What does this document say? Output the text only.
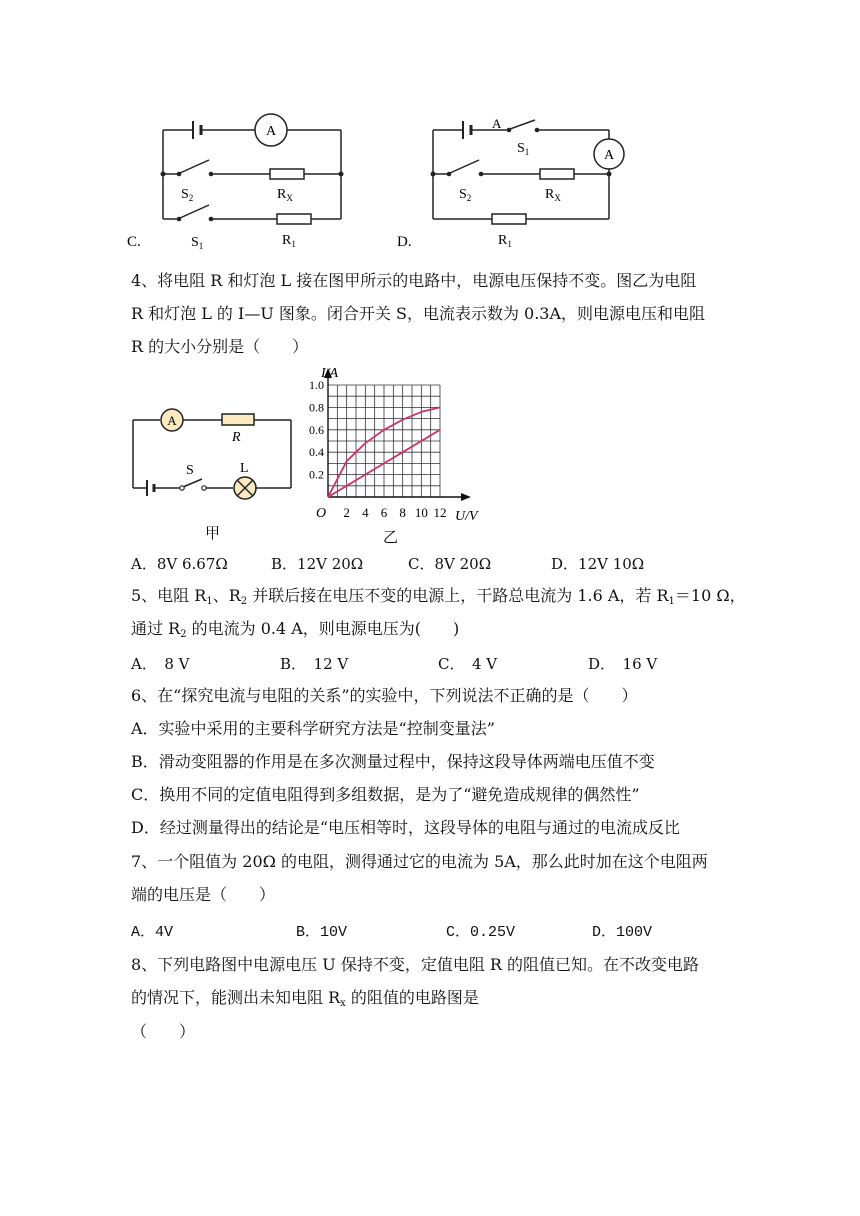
A
$S_2$	$R_X$
C.	$S_1$	$R_1$
A
A
$S_1$
$S_2$	$R_X$
D.	$R_1$
4、将电阻 R 和灯泡 L 接在图甲所示的电路中，电源电压保持不变。图乙为电阻
R 和灯泡 L 的 I—U 图象。闭合开关 S，电流表示数为 0.3A，则电源电压和电阻
R 的大小分别是（　　）
A
R
S	L
甲
2 4 6 8 10 12
0.2
0.4
0.6
0.8
1.0
I/A
U/V
O
乙
A．8V 6.67Ω	B．12V 20Ω	C．8V 20Ω	D．12V 10Ω
5、电阻 $R_1$、$R_2$ 并联后接在电压不变的电源上，干路总电流为 1.6 A，若 $R_1=10$ Ω，
通过 $R_2$ 的电流为 0.4 A，则电源电压为(　　)
A．　8 V	B．　12 V	C．　4 V	D．　16 V
6、在“探究电流与电阻的关系”的实验中，下列说法不正确的是（　　）
A．实验中采用的主要科学研究方法是“控制变量法”
B．滑动变阻器的作用是在多次测量过程中，保持这段导体两端电压值不变
C．换用不同的定值电阻得到多组数据，是为了“避免造成规律的偶然性”
D．经过测量得出的结论是“电压相等时，这段导体的电阻与通过的电流成反比
7、一个阻值为 20Ω 的电阻，测得通过它的电流为 5A，那么此时加在这个电阻两
端的电压是（　　）
A．4V	B．10V	C．0.25V	D．100V
8、下列电路图中电源电压 U 保持不变，定值电阻 R 的阻值已知。在不改变电路
的情况下，能测出未知电阻 $R_x$ 的阻值的电路图是
（　　）
